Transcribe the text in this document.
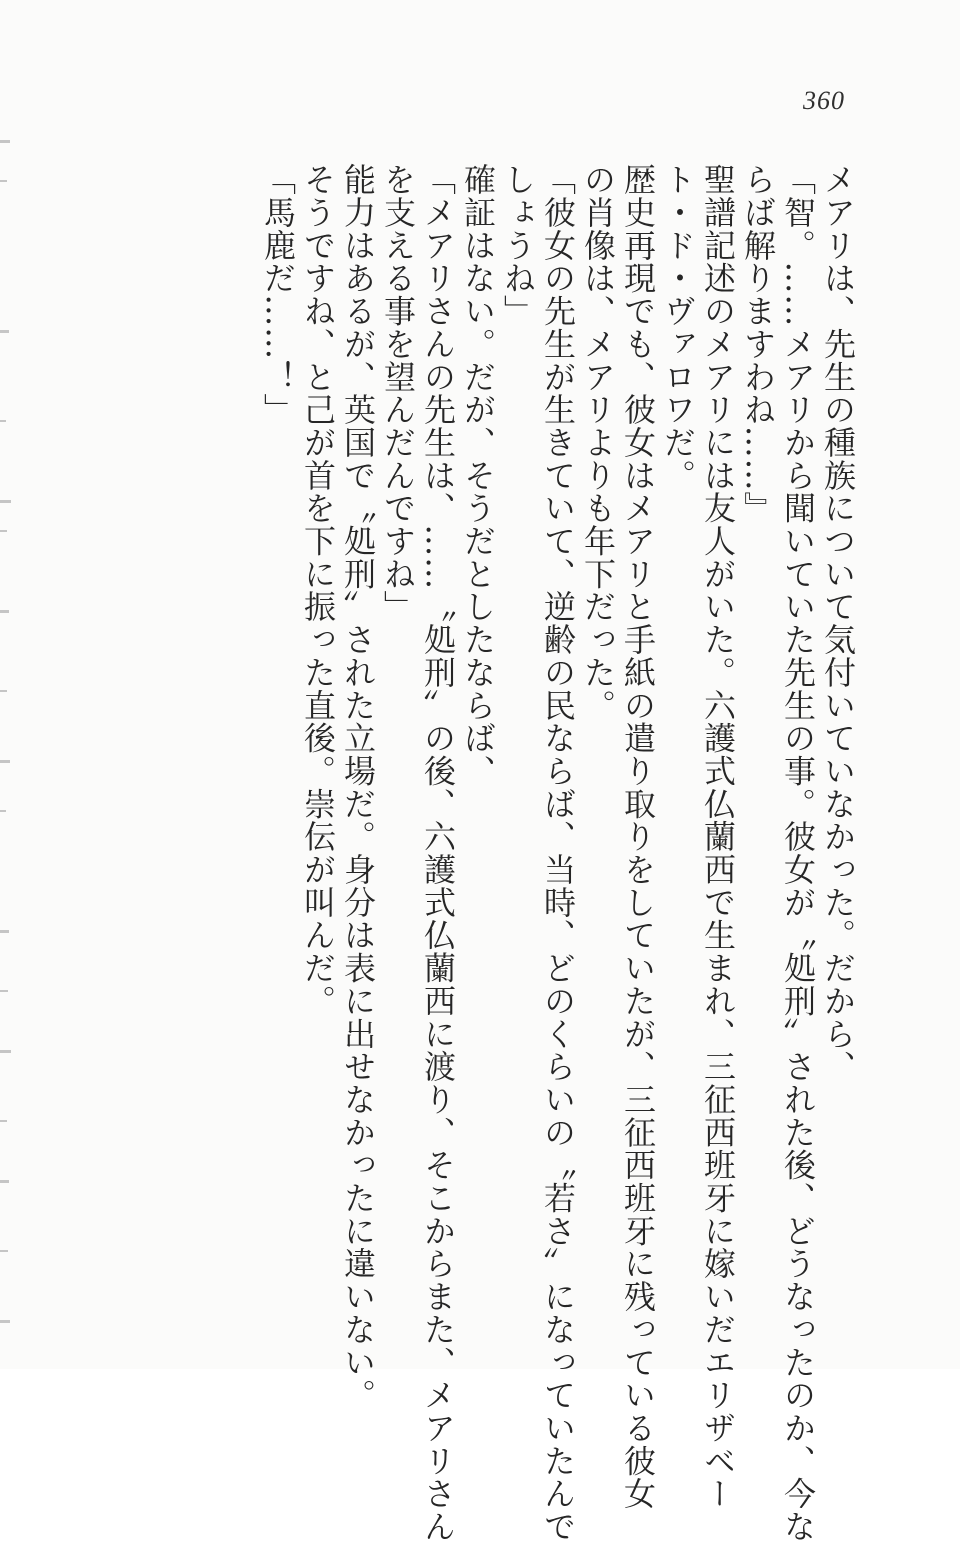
360
メアリは、先生の種族について気付いていなかった。だから、
「智。……メアリから聞いていた先生の事。彼女が〝処刑〟された後、どうなったのか、今な
らば解りますわね……』
聖譜記述のメアリには友人がいた。六護式仏蘭西で生まれ、三征西班牙に嫁いだエリザベー
ト・ド・ヴァロワだ。
歴史再現でも、彼女はメアリと手紙の遣り取りをしていたが、三征西班牙に残っている彼女
の肖像は、メアリよりも年下だった。
「彼女の先生が生きていて、逆齢の民ならば、当時、どのくらいの〝若さ〟になっていたんで
しょうね」
確証はない。だが、そうだとしたならば、
「メアリさんの先生は、……〝処刑〟の後、六護式仏蘭西に渡り、そこからまた、メアリさん
を支える事を望んだんですね」
能力はあるが、英国で〝処刑〟された立場だ。身分は表に出せなかったに違いない。
そうですね、と己が首を下に振った直後。崇伝が叫んだ。
「馬鹿だ……！」
